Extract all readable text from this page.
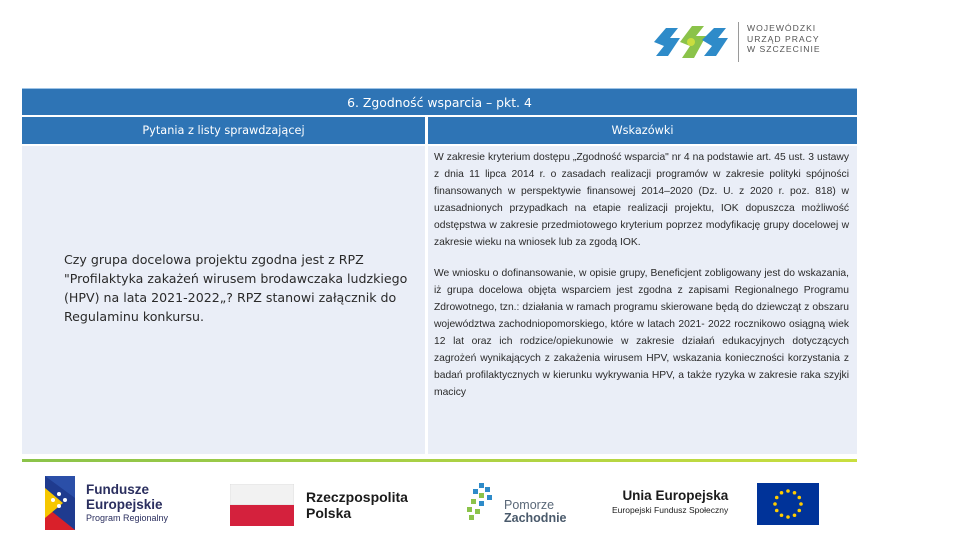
WOJEWÓDZKI
URZĄD PRACY
W SZCZECINIE
6. Zgodność wsparcia – pkt. 4
Pytania z listy sprawdzającej	Wskazówki
Czy grupa docelowa projektu zgodna jest z RPZ "Profilaktyka zakażeń wirusem brodawczaka ludzkiego (HPV) na lata 2021-2022„? RPZ stanowi załącznik do Regulaminu konkursu.

W zakresie kryterium dostępu „Zgodność wsparcia" nr 4 na podstawie art. 45 ust. 3 ustawy z dnia 11 lipca 2014 r. o zasadach realizacji programów w zakresie polityki spójności finansowanych w perspektywie finansowej 2014–2020 (Dz. U. z 2020 r. poz. 818) w uzasadnionych przypadkach na etapie realizacji projektu, IOK dopuszcza możliwość odstępstwa w zakresie przedmiotowego kryterium poprzez modyfikację grupy docelowej w zakresie wieku na wniosek lub za zgodą IOK.

We wniosku o dofinansowanie, w opisie grupy, Beneficjent zobligowany jest do wskazania, iż grupa docelowa objęta wsparciem jest zgodna z zapisami Regionalnego Programu Zdrowotnego, tzn.: działania w ramach programu skierowane będą do dziewcząt z obszaru województwa zachodniopomorskiego, które w latach 2021- 2022 rocznikowo osiągną wiek 12 lat oraz ich rodzice/opiekunowie w zakresie działań edukacyjnych dotyczących zagrożeń wynikających z zakażenia wirusem HPV, wskazania konieczności korzystania z badań profilaktycznych w kierunku wykrywania HPV, a także ryzyka w zakresie raka szyjki macicy

Fundusze
Europejskie
Program Regionalny
Rzeczpospolita
Polska	Pomorze
Zachodnie
Unia Europejska
Europejski Fundusz Społeczny
